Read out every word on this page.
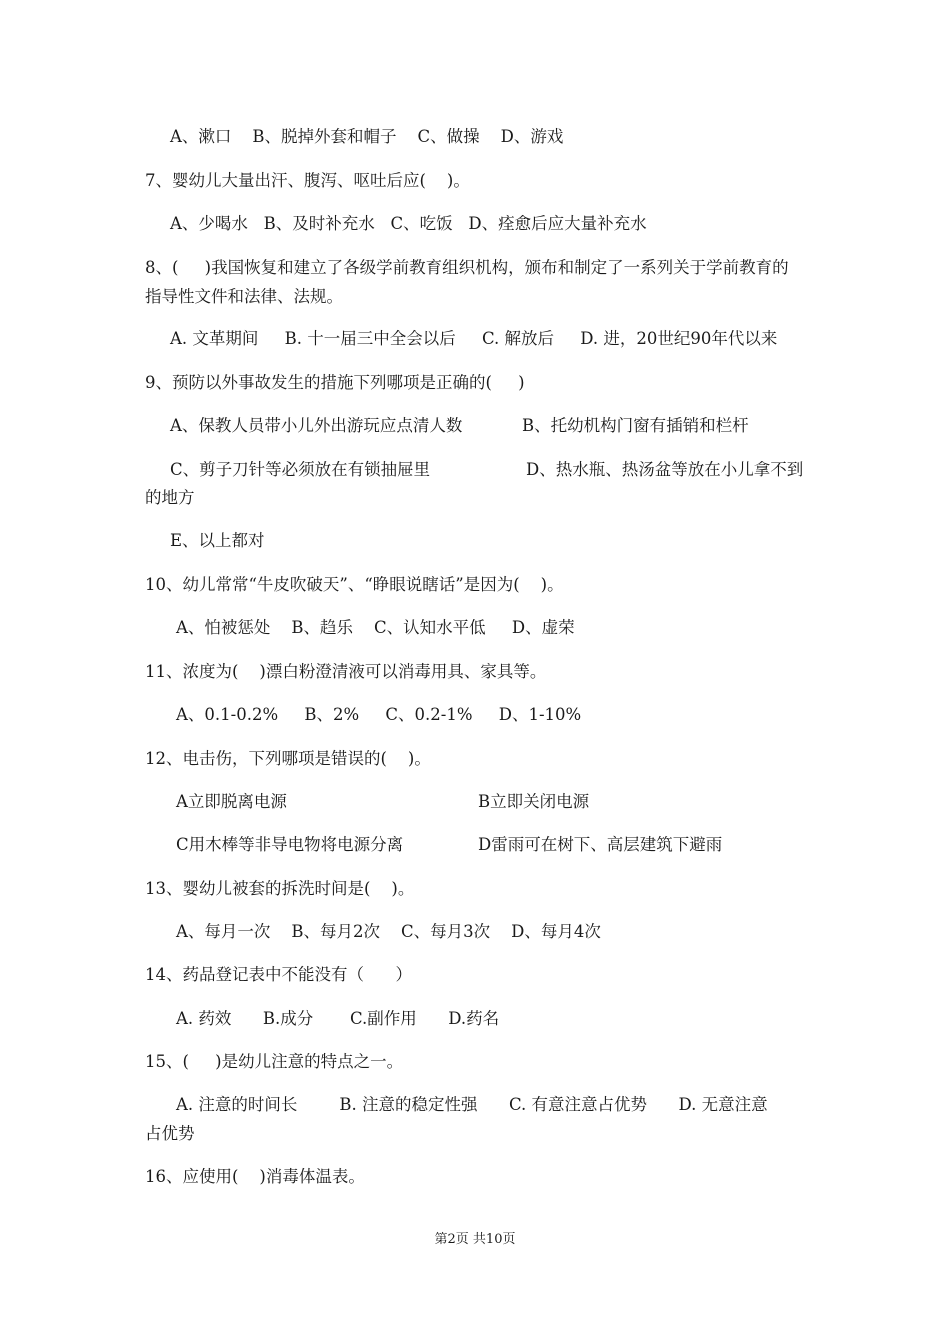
A、漱口    B、脱掉外套和帽子    C、做操    D、游戏
7、婴幼儿大量出汗、腹泻、呕吐后应(    )。
A、少喝水   B、及时补充水   C、吃饭   D、痊愈后应大量补充水
8、(     )我国恢复和建立了各级学前教育组织机构，颁布和制定了一系列关于学前教育的
指导性文件和法律、法规。
A. 文革期间     B. 十一届三中全会以后     C. 解放后     D. 进，20世纪90年代以来
9、预防以外事故发生的措施下列哪项是正确的(     )
A、保教人员带小儿外出游玩应点清人数	B、托幼机构门窗有插销和栏杆
C、剪子刀针等必须放在有锁抽屉里	D、热水瓶、热汤盆等放在小儿拿不到
的地方
E、以上都对
10、幼儿常常“牛皮吹破天”、“睁眼说瞎话”是因为(    )。
A、怕被惩处    B、趋乐    C、认知水平低     D、虚荣
11、浓度为(    )漂白粉澄清液可以消毒用具、家具等。
A、0.1-0.2%     B、2%     C、0.2-1%     D、1-10%
12、电击伤，下列哪项是错误的(    )。
A立即脱离电源	B立即关闭电源
C用木棒等非导电物将电源分离	D雷雨可在树下、高层建筑下避雨
13、婴幼儿被套的拆洗时间是(    )。
A、每月一次    B、每月2次    C、每月3次    D、每月4次
14、药品登记表中不能没有（      ）
A. 药效      B.成分       C.副作用      D.药名
15、(     )是幼儿注意的特点之一。
A. 注意的时间长        B. 注意的稳定性强      C. 有意注意占优势      D. 无意注意
占优势
16、应使用(    )消毒体温表。
第2页 共10页
